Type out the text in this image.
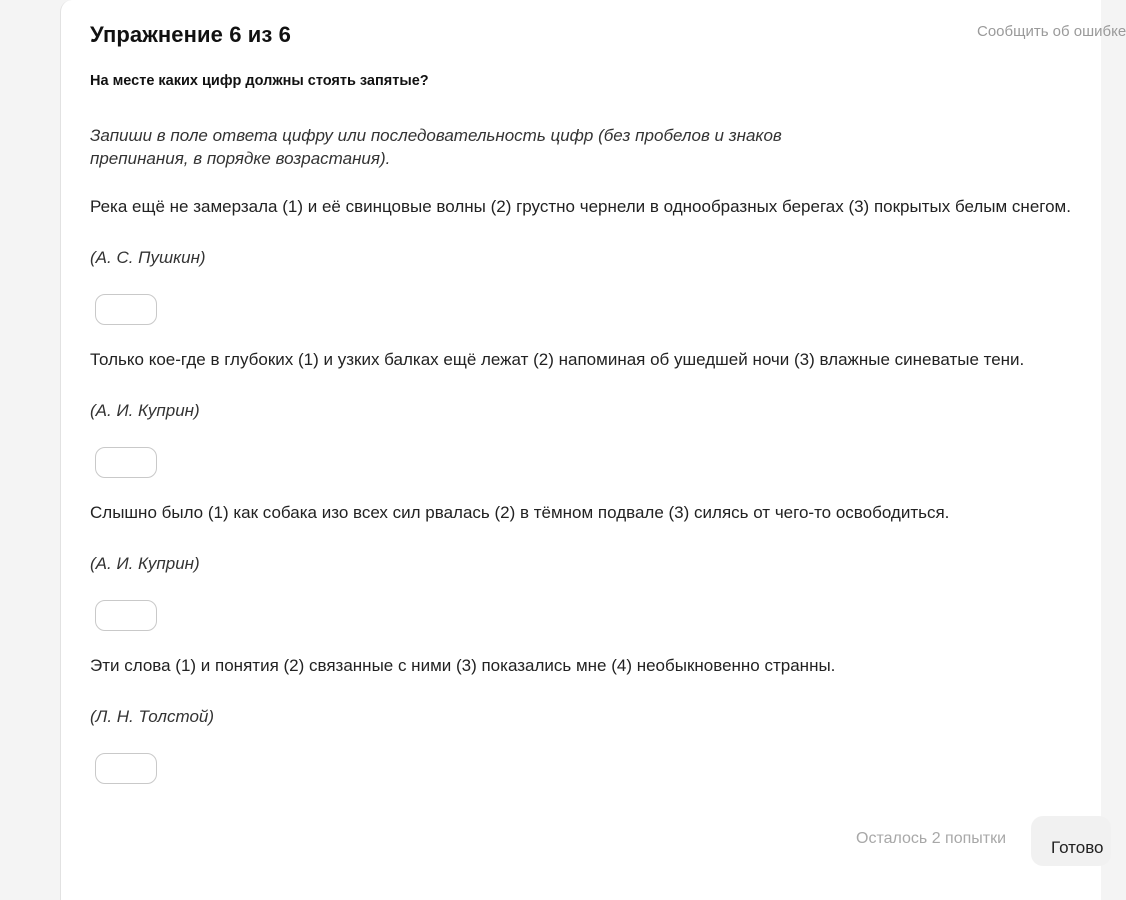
Упражнение 6 из 6	Сообщить об ошибке

На месте каких цифр должны стоять запятые?

Запиши в поле ответа цифру или последовательность цифр (без пробелов и знаков препинания, в порядке возрастания).

Река ещё не замерзала (1) и её свинцовые волны (2) грустно чернели в однообразных берегах (3) покрытых белым снегом.

(А. С. Пушкин)

Только кое-где в глубоких (1) и узких балках ещё лежат (2) напоминая об ушедшей ночи (3) влажные синеватые тени.

(А. И. Куприн)

Слышно было (1) как собака изо всех сил рвалась (2) в тёмном подвале (3) силясь от чего-то освободиться.

(А. И. Куприн)

Эти слова (1) и понятия (2) связанные с ними (3) показались мне (4) необыкновенно странны.

(Л. Н. Толстой)

Осталось 2 попытки	Готово
